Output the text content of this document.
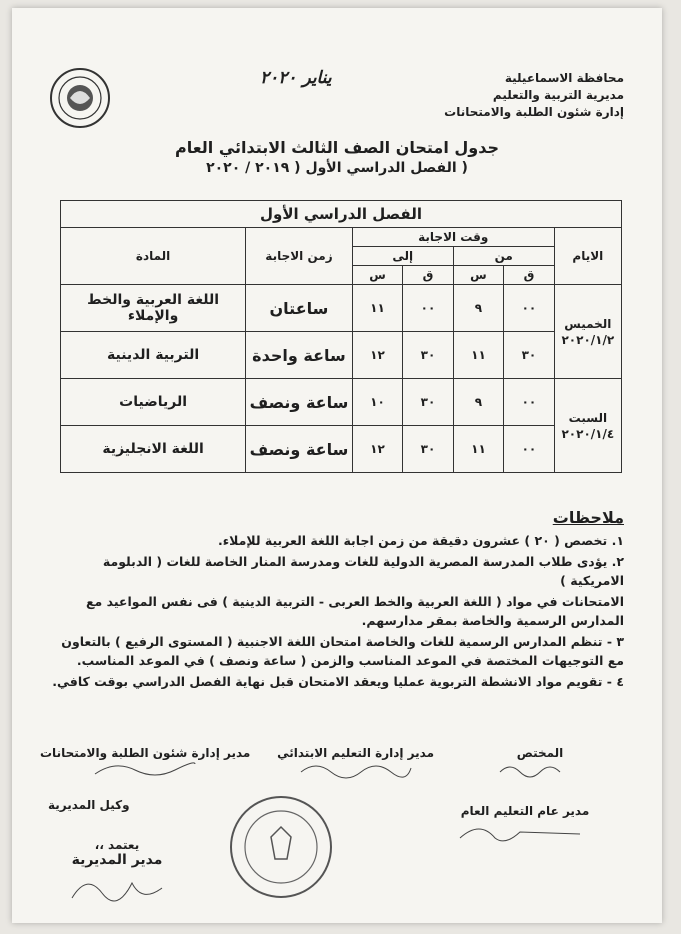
يناير ٢٠٢٠	محافظة الاسماعيلية
مديرية التربية والتعليم
إدارة شئون الطلبة والامتحانات
جدول امتحان الصف الثالث الابتدائي العام
( الفصل الدراسي الأول ( ٢٠١٩ / ٢٠٢٠
الفصل الدراسي الأول						
الايام	وقت الاجابة				زمن الاجابة	المادة
	من		إلى			
	ق	س	ق	س		

الخميس
٢٠٢٠/١/٢	٠٠	٩	٠٠	١١	ساعتان	اللغة العربية والخط والإملاء
	٣٠	١١	٣٠	١٢	ساعة واحدة	التربية الدينية

السبت
٢٠٢٠/١/٤	٠٠	٩	٣٠	١٠	ساعة ونصف	الرياضيات
	٠٠	١١	٣٠	١٢	ساعة ونصف	اللغة الانجليزية
ملاحظات

١. تخصص ( ٢٠ ) عشرون دقيقة من زمن اجابة اللغة العربية للإملاء.

٢. يؤدى طلاب المدرسة المصرية الدولية للغات ومدرسة المنار الخاصة للغات ( الدبلومة الامريكية )

الامتحانات في مواد ( اللغة العربية والخط العربى - التربية الدينية ) فى نفس المواعيد مع المدارس الرسمية والخاصة بمقر مدارسهم.

٣ - تنظم المدارس الرسمية للغات والخاصة امتحان اللغة الاجنبية ( المستوى الرفيع ) بالتعاون مع التوجيهات المختصة في الموعد المناسب والزمن ( ساعة ونصف ) في الموعد المناسب.

٤ - تقويم مواد الانشطة التربوية عمليا ويعقد الامتحان قبل نهاية الفصل الدراسي بوقت كافي.

المختص
مدير إدارة التعليم الابتدائي
مدير إدارة شئون الطلبة والامتحانات
وكيل المديرية	مدير عام التعليم العام
يعتمد ،،
مدير المديرية
